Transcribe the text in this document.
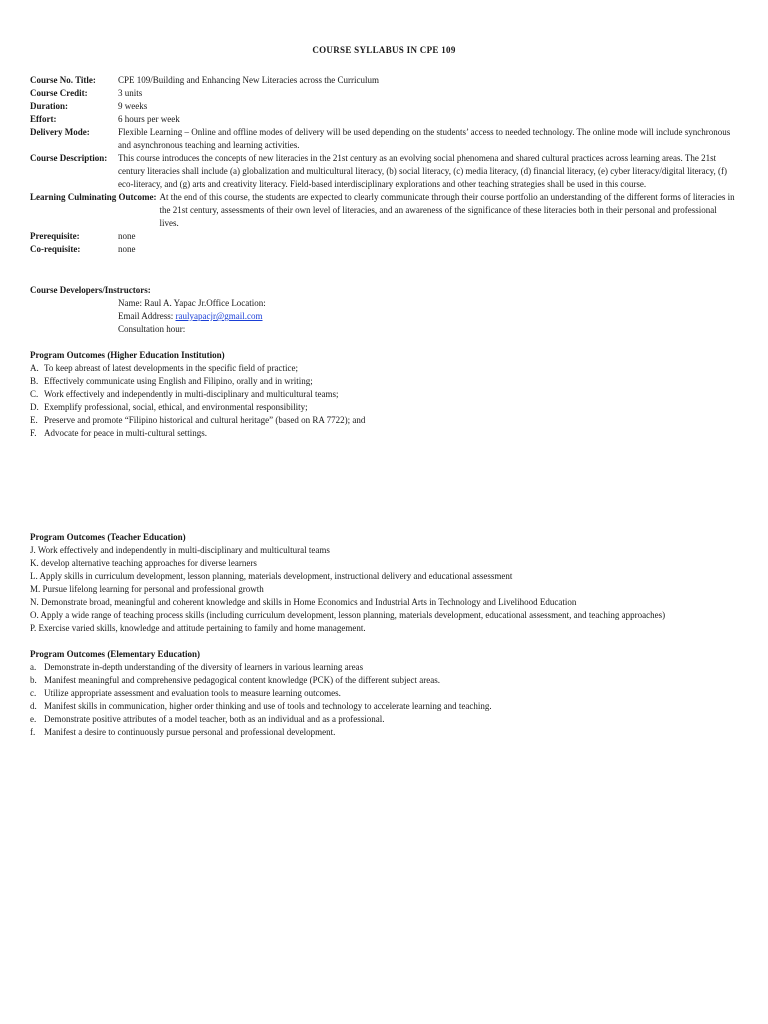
COURSE SYLLABUS IN CPE 109
Course No. Title:	CPE 109/Building and Enhancing New Literacies across the Curriculum
Course Credit:	3 units
Duration:	9 weeks
Effort:	6 hours per week
Delivery Mode:	Flexible Learning – Online and offline modes of delivery will be used depending on the students’ access to needed technology. The online mode will include synchronous and asynchronous teaching and learning activities.
Course Description:	This course introduces the concepts of new literacies in the 21st century as an evolving social phenomena and shared cultural practices across learning areas. The 21st century literacies shall include (a) globalization and multicultural literacy, (b) social literacy, (c) media literacy, (d) financial literacy, (e) cyber literacy/digital literacy, (f) eco-literacy, and (g) arts and creativity literacy. Field-based interdisciplinary explorations and other teaching strategies shall be used in this course.
Learning Culminating Outcome: At the end of this course, the students are expected to clearly communicate through their course portfolio an understanding of the different forms of literacies in the 21st century, assessments of their own level of literacies, and an awareness of the significance of these literacies both in their personal and professional lives.
Prerequisite:	none
Co-requisite:	none
Course Developers/Instructors:
Name: Raul A. Yapac Jr.Office Location:
Email Address: raulyapacjr@gmail.com
Consultation hour:
Program Outcomes (Higher Education Institution)
A. To keep abreast of latest developments in the specific field of practice;
B. Effectively communicate using English and Filipino, orally and in writing;
C. Work effectively and independently in multi-disciplinary and multicultural teams;
D. Exemplify professional, social, ethical, and environmental responsibility;
E. Preserve and promote “Filipino historical and cultural heritage” (based on RA 7722); and
F. Advocate for peace in multi-cultural settings.
Program Outcomes (Teacher Education)
J. Work effectively and independently in multi-disciplinary and multicultural teams
K. develop alternative teaching approaches for diverse learners
L. Apply skills in curriculum development, lesson planning, materials development, instructional delivery and educational assessment
M. Pursue lifelong learning for personal and professional growth
N. Demonstrate broad, meaningful and coherent knowledge and skills in Home Economics and Industrial Arts in Technology and Livelihood Education
O. Apply a wide range of teaching process skills (including curriculum development, lesson planning, materials development, educational assessment, and teaching approaches)
P. Exercise varied skills, knowledge and attitude pertaining to family and home management.
Program Outcomes (Elementary Education)
a. Demonstrate in-depth understanding of the diversity of learners in various learning areas
b. Manifest meaningful and comprehensive pedagogical content knowledge (PCK) of the different subject areas.
c. Utilize appropriate assessment and evaluation tools to measure learning outcomes.
d. Manifest skills in communication, higher order thinking and use of tools and technology to accelerate learning and teaching.
e. Demonstrate positive attributes of a model teacher, both as an individual and as a professional.
f. Manifest a desire to continuously pursue personal and professional development.
